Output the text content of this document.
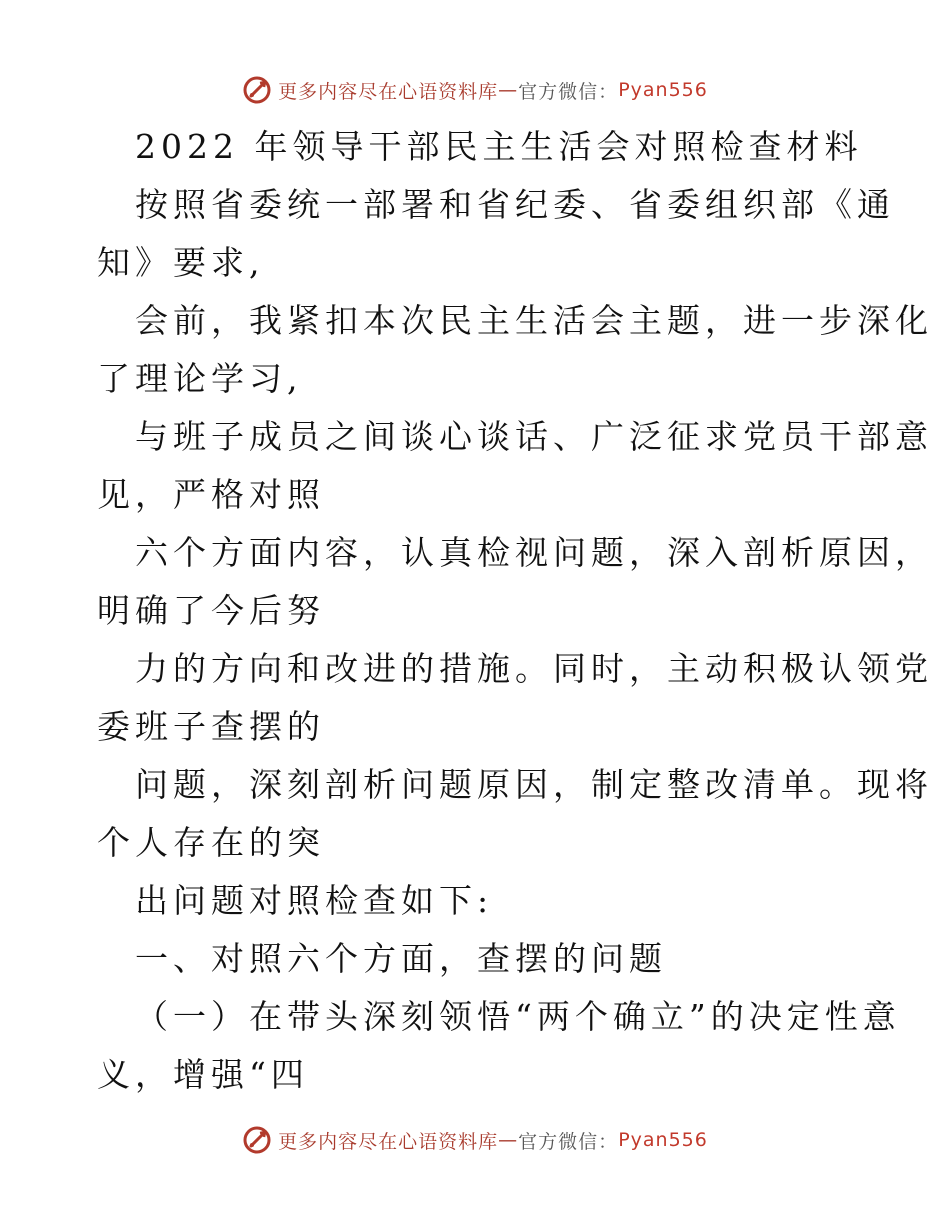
更多内容尽在心语资料库 — 官方微信： Pyan556
2022 年领导干部民主生活会对照检查材料
按照省委统一部署和省纪委、省委组织部《通
知》要求,
会前，我紧扣本次民主生活会主题，进一步深化
了理论学习,
与班子成员之间谈心谈话、广泛征求党员干部意
见，严格对照
六个方面内容，认真检视问题，深入剖析原因，
明确了今后努
力的方向和改进的措施。同时，主动积极认领党
委班子查摆的
问题，深刻剖析问题原因，制定整改清单。现将
个人存在的突
出问题对照检查如下:
一、对照六个方面，查摆的问题
（一）在带头深刻领悟“两个确立”的决定性意
义，增强“四
更多内容尽在心语资料库 — 官方微信： Pyan556
